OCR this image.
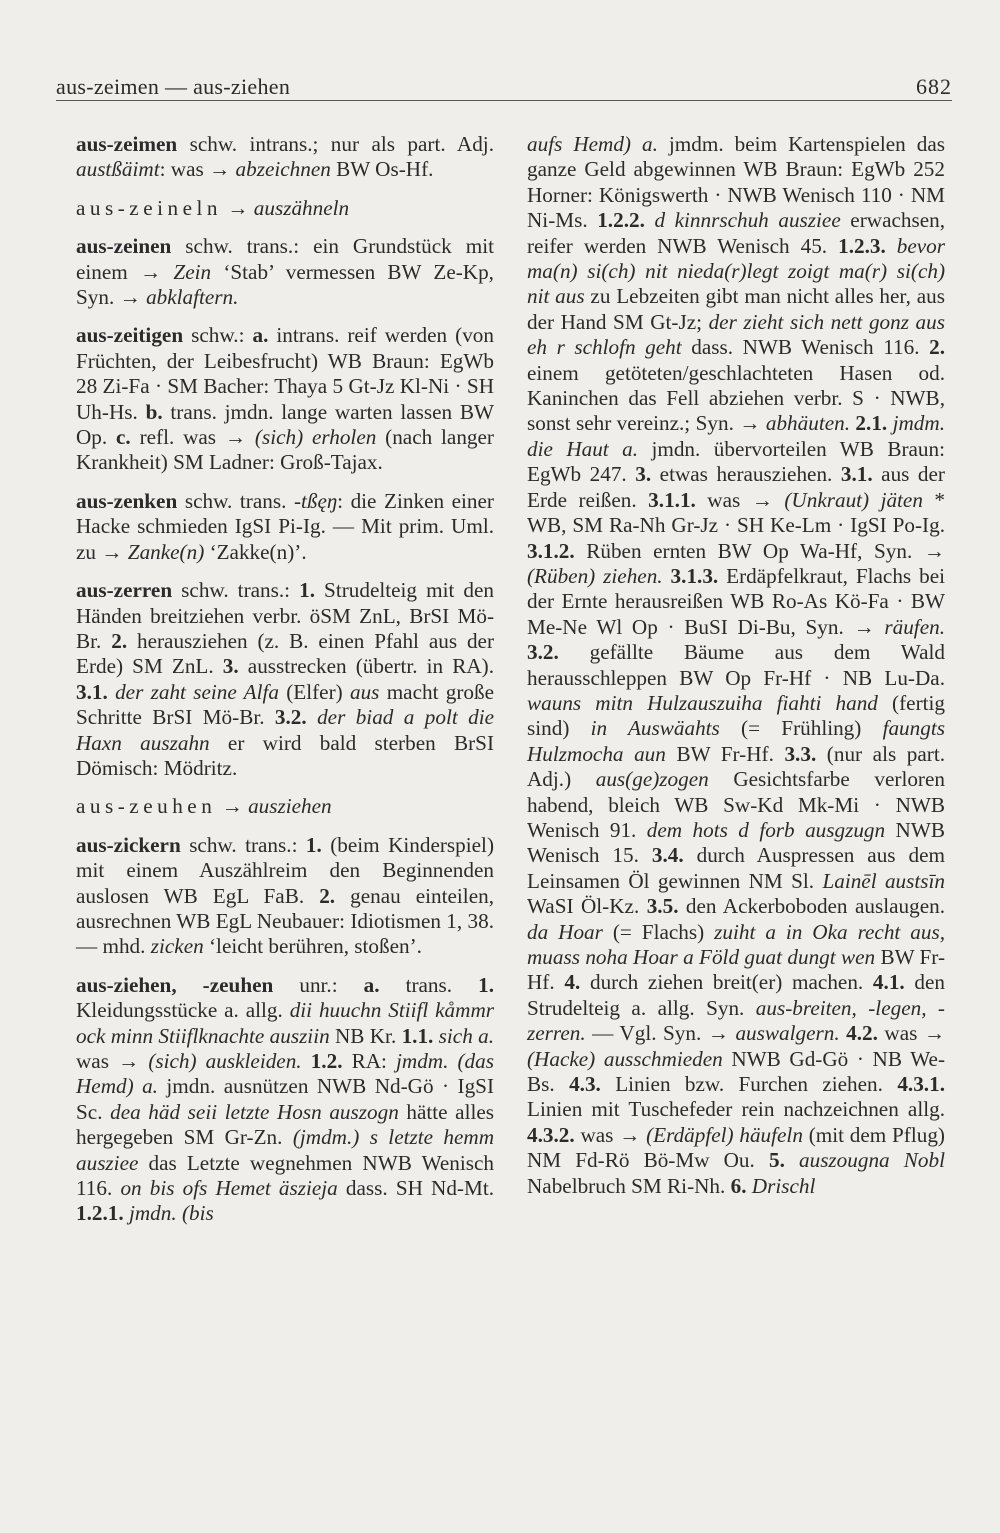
aus-zeimen — aus-ziehen	682
aus-zeimen schw. intrans.; nur als part. Adj. austßäimt: was → abzeichnen BW Os-Hf.
aus-zeineln → auszähneln
aus-zeinen schw. trans.: ein Grundstück mit einem → Zein ‘Stab’ vermessen BW Ze-Kp, Syn. → abklaftern.
aus-zeitigen schw.: a. intrans. reif werden (von Früchten, der Leibesfrucht) WB Braun: EgWb 28 Zi-Fa · SM Bacher: Thaya 5 Gt-Jz Kl-Ni · SH Uh-Hs. b. trans. jmdn. lange warten lassen BW Op. c. refl. was → (sich) erholen (nach langer Krankheit) SM Ladner: Groß-Tajax.
aus-zenken schw. trans. -tßęŋ: die Zinken einer Hacke schmieden IgSI Pi-Ig. — Mit prim. Uml. zu → Zanke(n) ‘Zakke(n)’.
aus-zerren schw. trans.: 1. Strudelteig mit den Händen breitziehen verbr. öSM ZnL, BrSI Mö-Br. 2. herausziehen (z. B. einen Pfahl aus der Erde) SM ZnL. 3. ausstrecken (übertr. in RA). 3.1. der zaht seine Alfa (Elfer) aus macht große Schritte BrSI Mö-Br. 3.2. der biad a polt die Haxn auszahn er wird bald sterben BrSI Dömisch: Mödritz.
aus-zeuhen → ausziehen
aus-zickern schw. trans.: 1. (beim Kinderspiel) mit einem Auszählreim den Beginnenden auslosen WB EgL FaB. 2. genau einteilen, ausrechnen WB EgL Neubauer: Idiotismen 1, 38. — mhd. zicken ‘leicht berühren, stoßen’.
aus-ziehen, -zeuhen unr.: a. trans. 1. Kleidungsstücke a. allg. dii huuchn Stiifl kåmmr ock minn Stiiflknachte ausziin NB Kr. 1.1. sich a. was → (sich) auskleiden. 1.2. RA: jmdm. (das Hemd) a. jmdn. ausnützen NWB Nd-Gö · IgSI Sc. dea häd seii letzte Hosn auszogn hätte alles hergegeben SM Gr-Zn. (jmdm.) s letzte hemm ausziee das Letzte wegnehmen NWB Wenisch 116. on bis ofs Hemet äszieja dass. SH Nd-Mt. 1.2.1. jmdn. (bis
aufs Hemd) a. jmdm. beim Kartenspielen das ganze Geld abgewinnen WB Braun: EgWb 252 Horner: Königswerth · NWB Wenisch 110 · NM Ni-Ms. 1.2.2. d kinnrschuh ausziee erwachsen, reifer werden NWB Wenisch 45. 1.2.3. bevor ma(n) si(ch) nit nieda(r)legt zoigt ma(r) si(ch) nit aus zu Lebzeiten gibt man nicht alles her, aus der Hand SM Gt-Jz; der zieht sich nett gonz aus eh r schlofn geht dass. NWB Wenisch 116. 2. einem getöteten/geschlachteten Hasen od. Kaninchen das Fell abziehen verbr. S · NWB, sonst sehr vereinz.; Syn. → abhäuten. 2.1. jmdm. die Haut a. jmdn. übervorteilen WB Braun: EgWb 247. 3. etwas herausziehen. 3.1. aus der Erde reißen. 3.1.1. was → (Unkraut) jäten * WB, SM Ra-Nh Gr-Jz · SH Ke-Lm · IgSI Po-Ig. 3.1.2. Rüben ernten BW Op Wa-Hf, Syn. → (Rüben) ziehen. 3.1.3. Erdäpfelkraut, Flachs bei der Ernte herausreißen WB Ro-As Kö-Fa · BW Me-Ne Wl Op · BuSI Di-Bu, Syn. → räufen. 3.2. gefällte Bäume aus dem Wald herausschleppen BW Op Fr-Hf · NB Lu-Da. wauns mitn Hulzauszuiha fiahti hand (fertig sind) in Auswäahts (= Frühling) faungts Hulzmocha aun BW Fr-Hf. 3.3. (nur als part. Adj.) aus(ge)zogen Gesichtsfarbe verloren habend, bleich WB Sw-Kd Mk-Mi · NWB Wenisch 91. dem hots d forb ausgzugn NWB Wenisch 15. 3.4. durch Auspressen aus dem Leinsamen Öl gewinnen NM Sl. Lainēl austsīn WaSI Öl-Kz. 3.5. den Ackerboboden auslaugen. da Hoar (= Flachs) zuiht a in Oka recht aus, muass noha Hoar a Föld guat dungt wen BW Fr-Hf. 4. durch ziehen breit(er) machen. 4.1. den Strudelteig a. allg. Syn. aus-breiten, -legen, -zerren. — Vgl. Syn. → auswalgern. 4.2. was → (Hacke) ausschmieden NWB Gd-Gö · NB We-Bs. 4.3. Linien bzw. Furchen ziehen. 4.3.1. Linien mit Tuschefeder rein nachzeichnen allg. 4.3.2. was → (Erdäpfel) häufeln (mit dem Pflug) NM Fd-Rö Bö-Mw Ou. 5. auszougna Nobl Nabelbruch SM Ri-Nh. 6. Drischl
